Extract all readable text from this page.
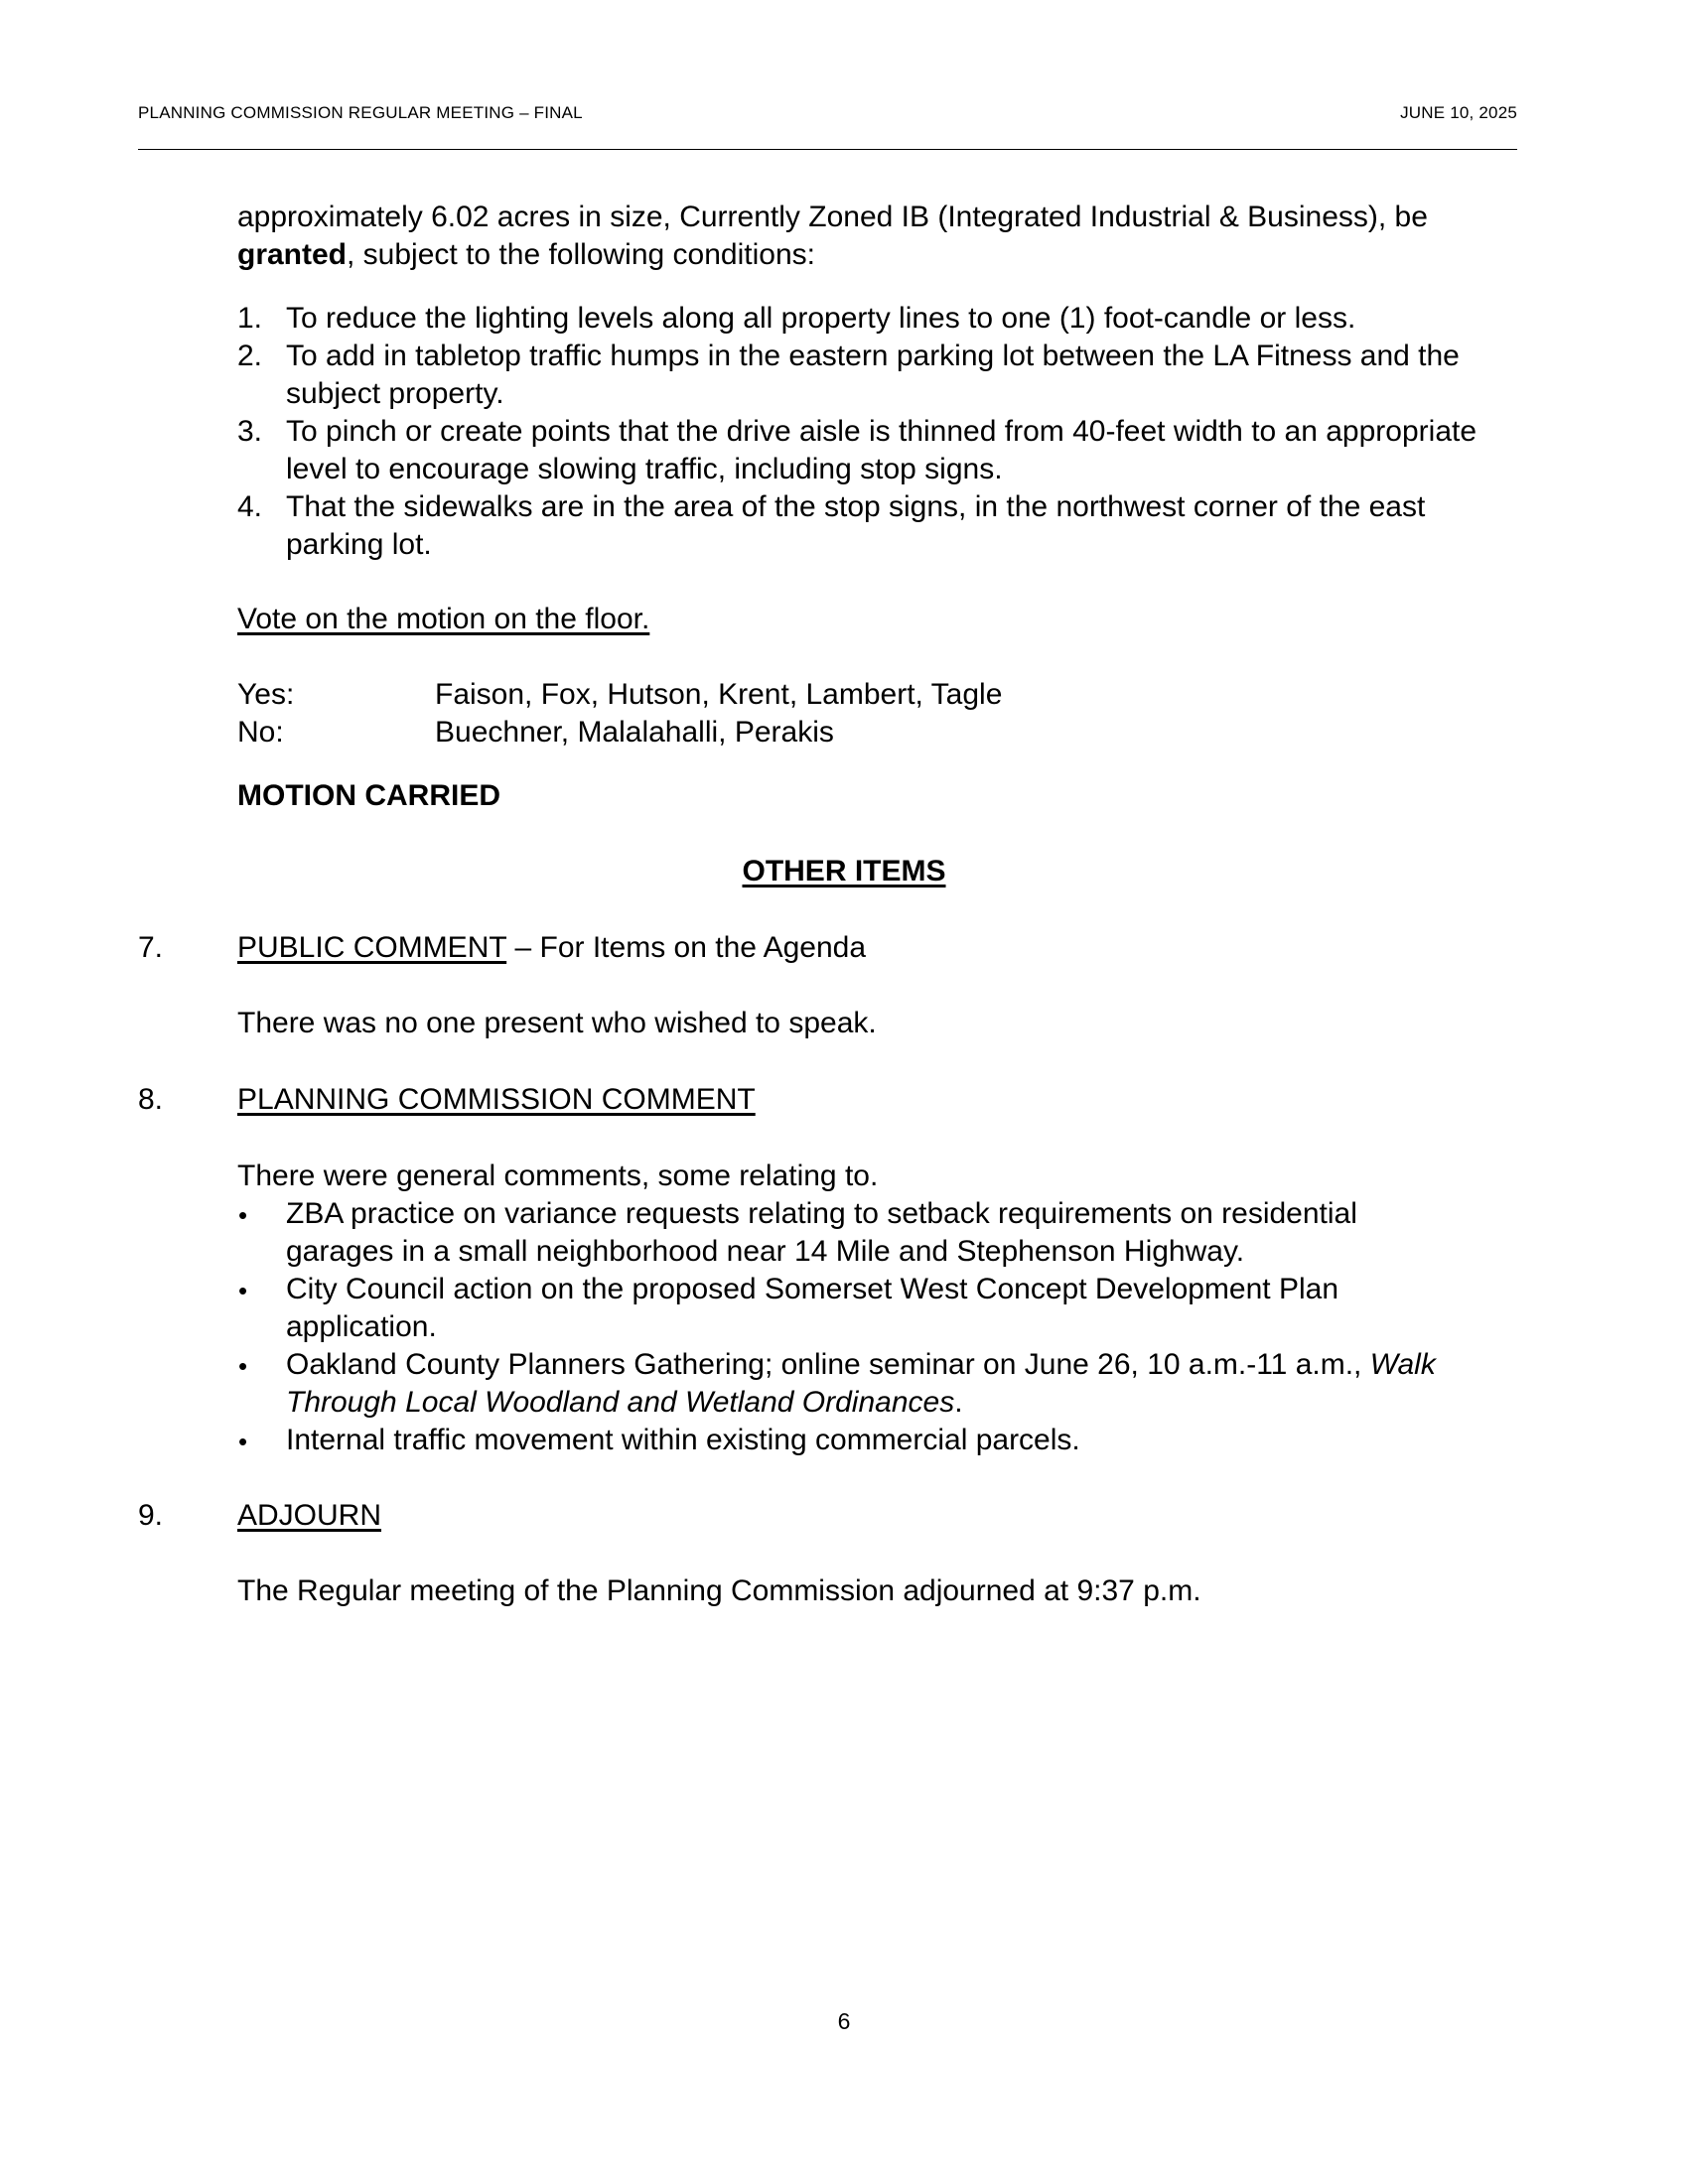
PLANNING COMMISSION REGULAR MEETING – FINAL	JUNE 10, 2025
approximately 6.02 acres in size, Currently Zoned IB (Integrated Industrial & Business), be
granted, subject to the following conditions:
1. To reduce the lighting levels along all property lines to one (1) foot-candle or less.
2. To add in tabletop traffic humps in the eastern parking lot between the LA Fitness and the
subject property.
3. To pinch or create points that the drive aisle is thinned from 40-feet width to an appropriate
level to encourage slowing traffic, including stop signs.
4. That the sidewalks are in the area of the stop signs, in the northwest corner of the east
parking lot.
Vote on the motion on the floor.
Yes:	Faison, Fox, Hutson, Krent, Lambert, Tagle
No:	Buechner, Malalahalli, Perakis
MOTION CARRIED
OTHER ITEMS
7. PUBLIC COMMENT – For Items on the Agenda
There was no one present who wished to speak.
8. PLANNING COMMISSION COMMENT
There were general comments, some relating to.
• ZBA practice on variance requests relating to setback requirements on residential
garages in a small neighborhood near 14 Mile and Stephenson Highway.
• City Council action on the proposed Somerset West Concept Development Plan
application.
• Oakland County Planners Gathering; online seminar on June 26, 10 a.m.-11 a.m., Walk
Through Local Woodland and Wetland Ordinances.
• Internal traffic movement within existing commercial parcels.
9. ADJOURN
The Regular meeting of the Planning Commission adjourned at 9:37 p.m.
6
